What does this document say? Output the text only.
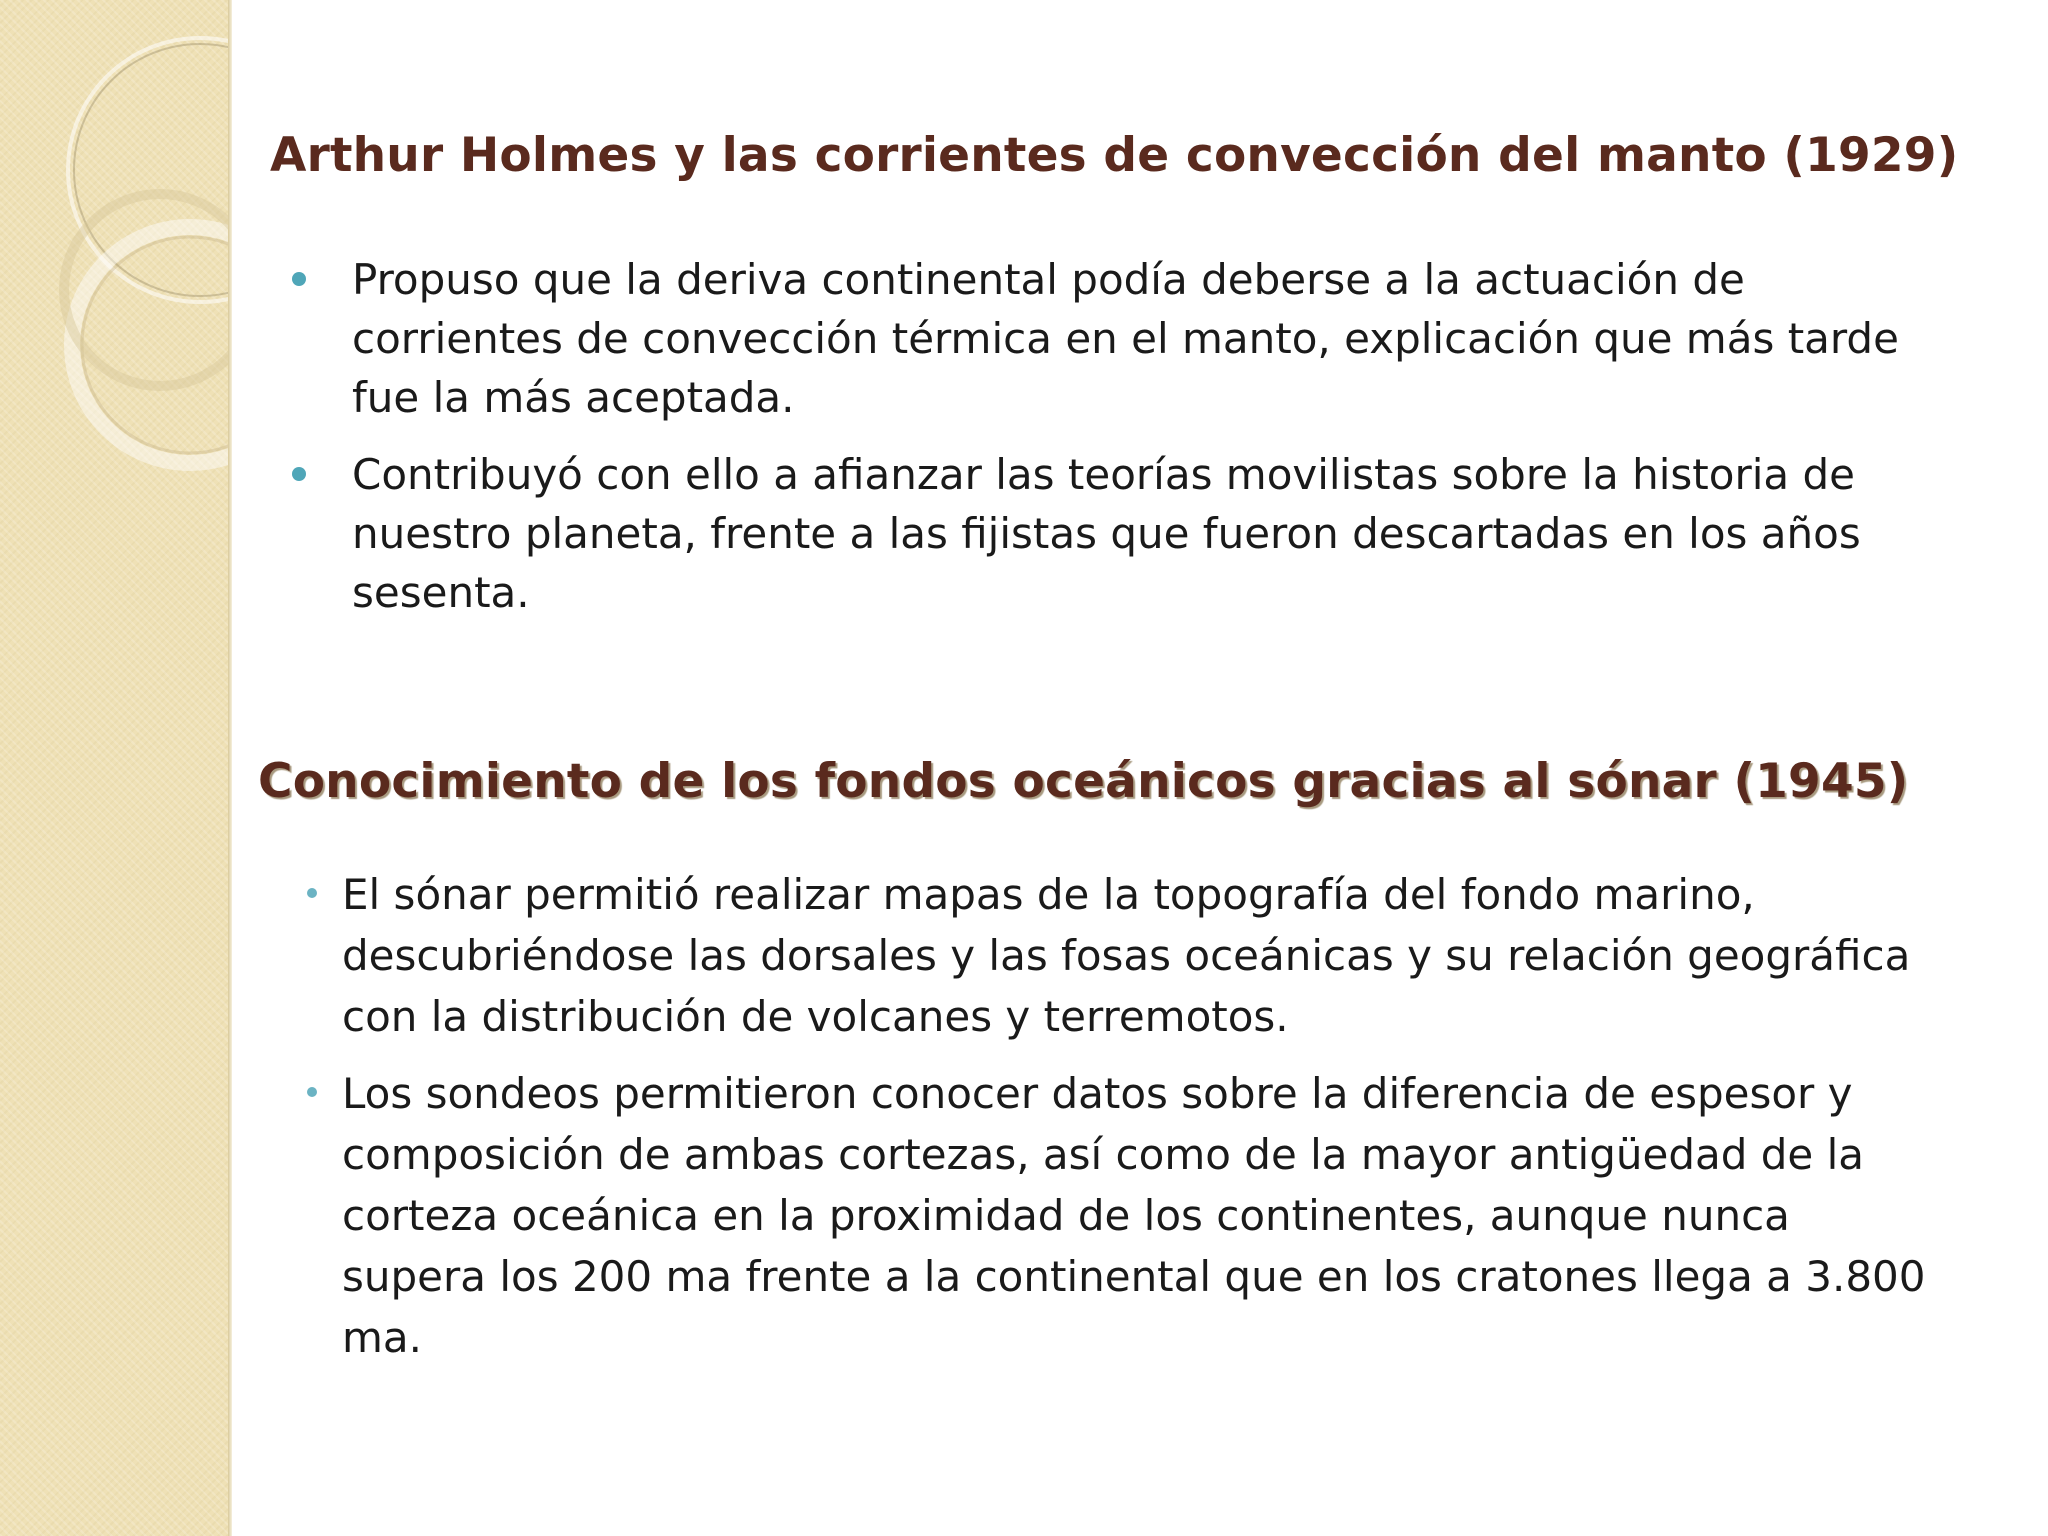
Arthur Holmes y las corrientes de convección del manto (1929)
Propuso que la deriva continental podía deberse a la actuación de corrientes de convección térmica en el manto, explicación que más tarde fue la más aceptada.
Contribuyó con ello a afianzar las teorías movilistas sobre la historia de nuestro planeta, frente a las fijistas que fueron descartadas en los años sesenta.
Conocimiento de los fondos oceánicos gracias al sónar (1945)
El sónar permitió realizar mapas de la topografía del fondo marino, descubriéndose las dorsales y las fosas oceánicas y su relación geográfica con la distribución de volcanes y terremotos.
Los sondeos permitieron conocer datos sobre la diferencia de espesor y composición de ambas cortezas, así como de la mayor antigüedad de la corteza oceánica en la proximidad de los continentes, aunque nunca supera los 200 ma frente a la continental que en los cratones llega a 3.800 ma.
